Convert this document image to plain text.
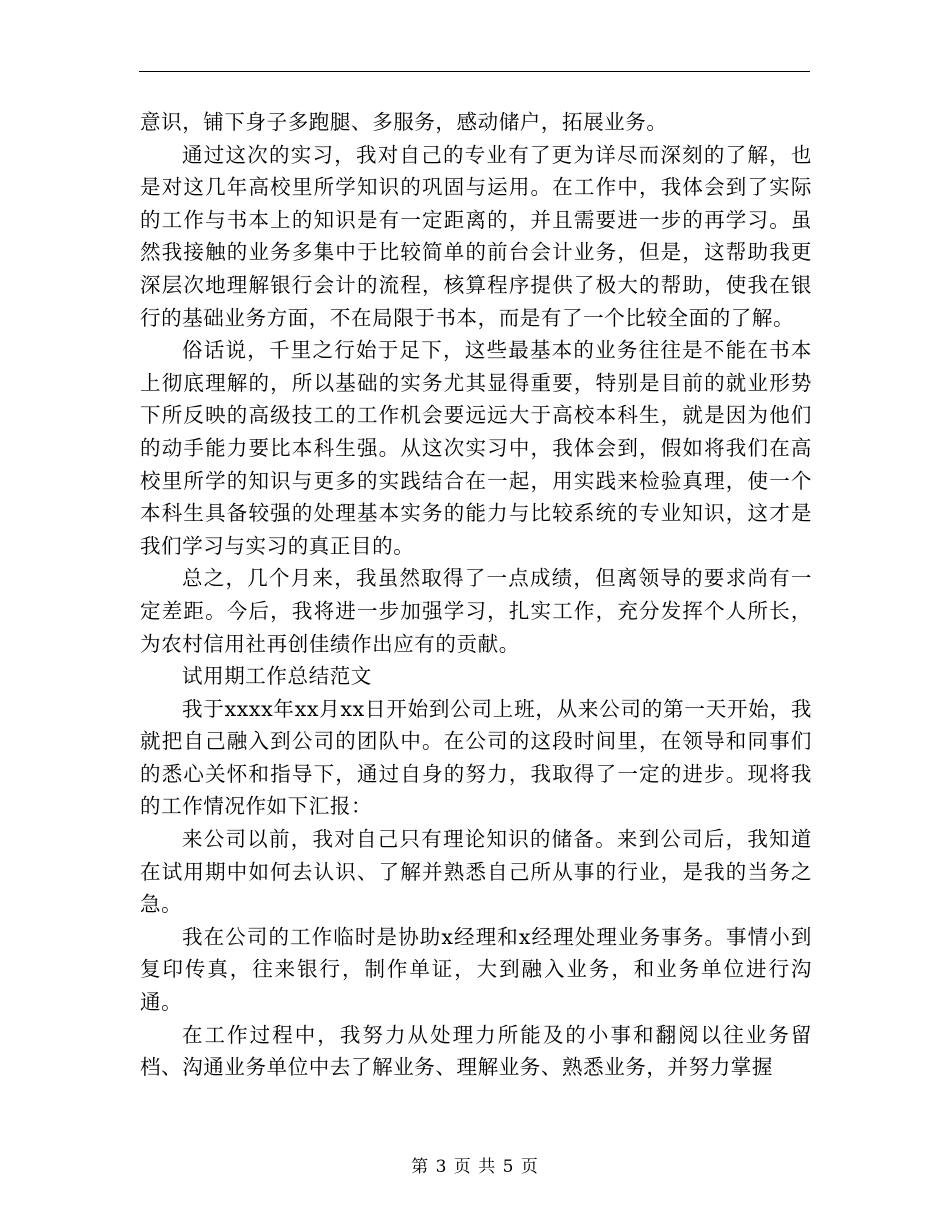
意识，铺下身子多跑腿、多服务，感动储户，拓展业务。

通过这次的实习，我对自己的专业有了更为详尽而深刻的了解，也是对这几年高校里所学知识的巩固与运用。在工作中，我体会到了实际的工作与书本上的知识是有一定距离的，并且需要进一步的再学习。虽然我接触的业务多集中于比较简单的前台会计业务，但是，这帮助我更深层次地理解银行会计的流程，核算程序提供了极大的帮助，使我在银行的基础业务方面，不在局限于书本，而是有了一个比较全面的了解。

俗话说，千里之行始于足下，这些最基本的业务往往是不能在书本上彻底理解的，所以基础的实务尤其显得重要，特别是目前的就业形势下所反映的高级技工的工作机会要远远大于高校本科生，就是因为他们的动手能力要比本科生强。从这次实习中，我体会到，假如将我们在高校里所学的知识与更多的实践结合在一起，用实践来检验真理，使一个本科生具备较强的处理基本实务的能力与比较系统的专业知识，这才是我们学习与实习的真正目的。

总之，几个月来，我虽然取得了一点成绩，但离领导的要求尚有一定差距。今后，我将进一步加强学习，扎实工作，充分发挥个人所长，为农村信用社再创佳绩作出应有的贡献。

试用期工作总结范文

我于xxxx年xx月xx日开始到公司上班，从来公司的第一天开始，我就把自己融入到公司的团队中。在公司的这段时间里，在领导和同事们的悉心关怀和指导下，通过自身的努力，我取得了一定的进步。现将我的工作情况作如下汇报：

来公司以前，我对自己只有理论知识的储备。来到公司后，我知道在试用期中如何去认识、了解并熟悉自己所从事的行业，是我的当务之急。

我在公司的工作临时是协助x经理和x经理处理业务事务。事情小到复印传真，往来银行，制作单证，大到融入业务，和业务单位进行沟通。

在工作过程中，我努力从处理力所能及的小事和翻阅以往业务留档、沟通业务单位中去了解业务、理解业务、熟悉业务，并努力掌握

第 3 页 共 5 页
